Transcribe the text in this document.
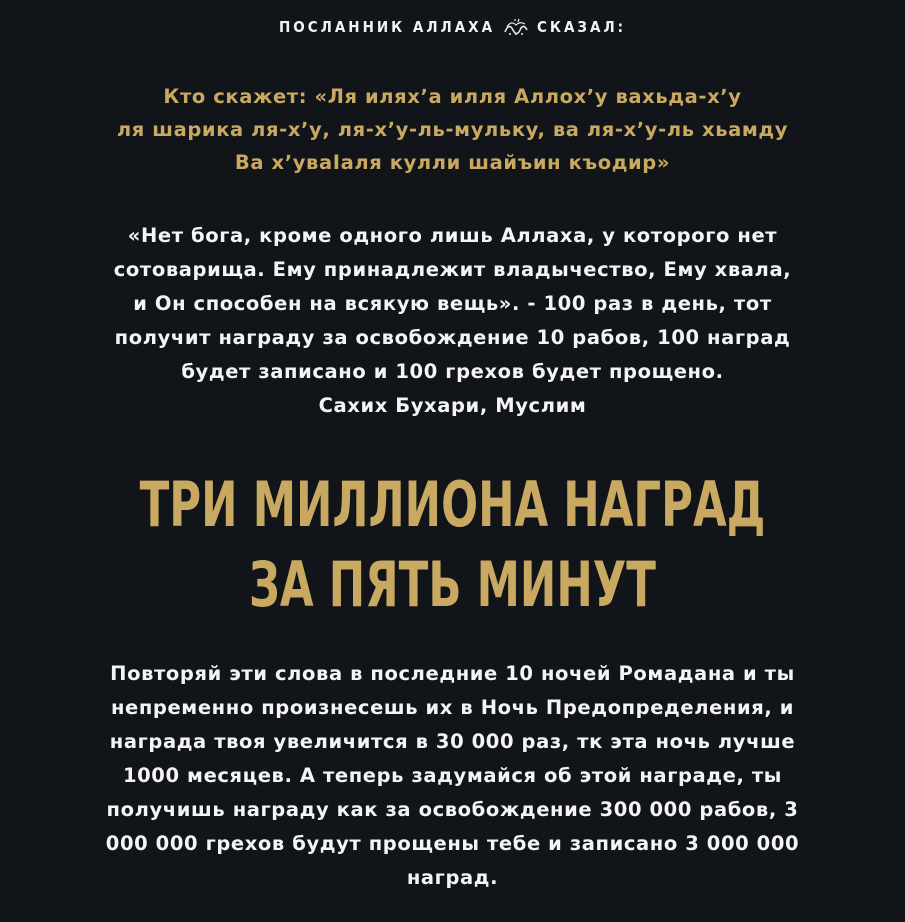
ПОСЛАННИК АЛЛАХА	СКАЗАЛ:
Кто скажет: «Ля иляхʼа илля Аллохʼу вахьда-хʼу
ля шарика ля-хʼу, ля-хʼу-ль-мулькy, ва ля-хʼу-ль хьамду
Ва хʼуваIаля кулли шайъин къодир»
«Нет бога, кроме одного лишь Аллаха, у которого нет
сотоварища. Ему принадлежит владычество, Ему хвала,
и Он способен на всякую вещь». - 100 раз в день, тот
получит награду за освобождение 10 рабов, 100 наград
будет записано и 100 грехов будет прощено.
Сахих Бухари, Муслим
ТРИ МИЛЛИОНА НАГРАД
ЗА ПЯТЬ МИНУТ
Повторяй эти слова в последние 10 ночей Ромадана и ты
непременно произнесешь их в Ночь Предопределения, и
награда твоя увеличится в 30 000 раз, тк эта ночь лучше
1000 месяцев. А теперь задумайся об этой награде, ты
получишь награду как за освобождение 300 000 рабов, 3
000 000 грехов будут прощены тебе и записано 3 000 000
наград.
